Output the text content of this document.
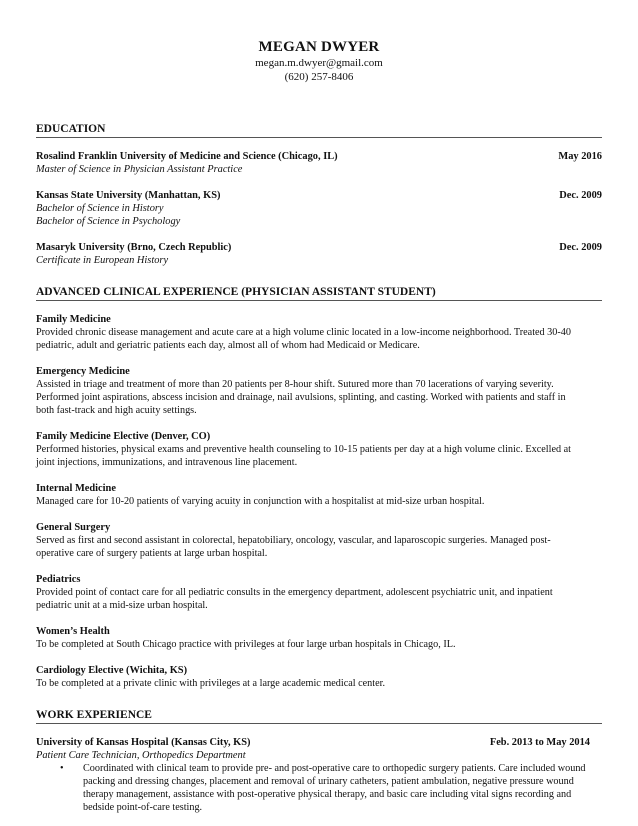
MEGAN DWYER
megan.m.dwyer@gmail.com
(620) 257-8406
EDUCATION
Rosalind Franklin University of Medicine and Science (Chicago, IL)	May 2016
Master of Science in Physician Assistant Practice
Kansas State University (Manhattan, KS)	Dec. 2009
Bachelor of Science in History
Bachelor of Science in Psychology
Masaryk University (Brno, Czech Republic)	Dec. 2009
Certificate in European History
ADVANCED CLINICAL EXPERIENCE (PHYSICIAN ASSISTANT STUDENT)
Family Medicine
Provided chronic disease management and acute care at a high volume clinic located in a low-income neighborhood. Treated 30-40
pediatric, adult and geriatric patients each day, almost all of whom had Medicaid or Medicare.
Emergency Medicine
Assisted in triage and treatment of more than 20 patients per 8-hour shift. Sutured more than 70 lacerations of varying severity.
Performed joint aspirations, abscess incision and drainage, nail avulsions, splinting, and casting. Worked with patients and staff in
both fast-track and high acuity settings.
Family Medicine Elective (Denver, CO)
Performed histories, physical exams and preventive health counseling to 10-15 patients per day at a high volume clinic. Excelled at
joint injections, immunizations, and intravenous line placement.
Internal Medicine
Managed care for 10-20 patients of varying acuity in conjunction with a hospitalist at mid-size urban hospital.
General Surgery
Served as first and second assistant in colorectal, hepatobiliary, oncology, vascular, and laparoscopic surgeries. Managed post-
operative care of surgery patients at large urban hospital.
Pediatrics
Provided point of contact care for all pediatric consults in the emergency department, adolescent psychiatric unit, and inpatient
pediatric unit at a mid-size urban hospital.
Women’s Health
To be completed at South Chicago practice with privileges at four large urban hospitals in Chicago, IL.
Cardiology Elective (Wichita, KS)
To be completed at a private clinic with privileges at a large academic medical center.
WORK EXPERIENCE
University of Kansas Hospital (Kansas City, KS)	Feb. 2013 to May 2014
Patient Care Technician, Orthopedics Department
• Coordinated with clinical team to provide pre- and post-operative care to orthopedic surgery patients. Care included wound
packing and dressing changes, placement and removal of urinary catheters, patient ambulation, negative pressure wound
therapy management, assistance with post-operative physical therapy, and basic care including vital signs recording and
bedside point-of-care testing.
